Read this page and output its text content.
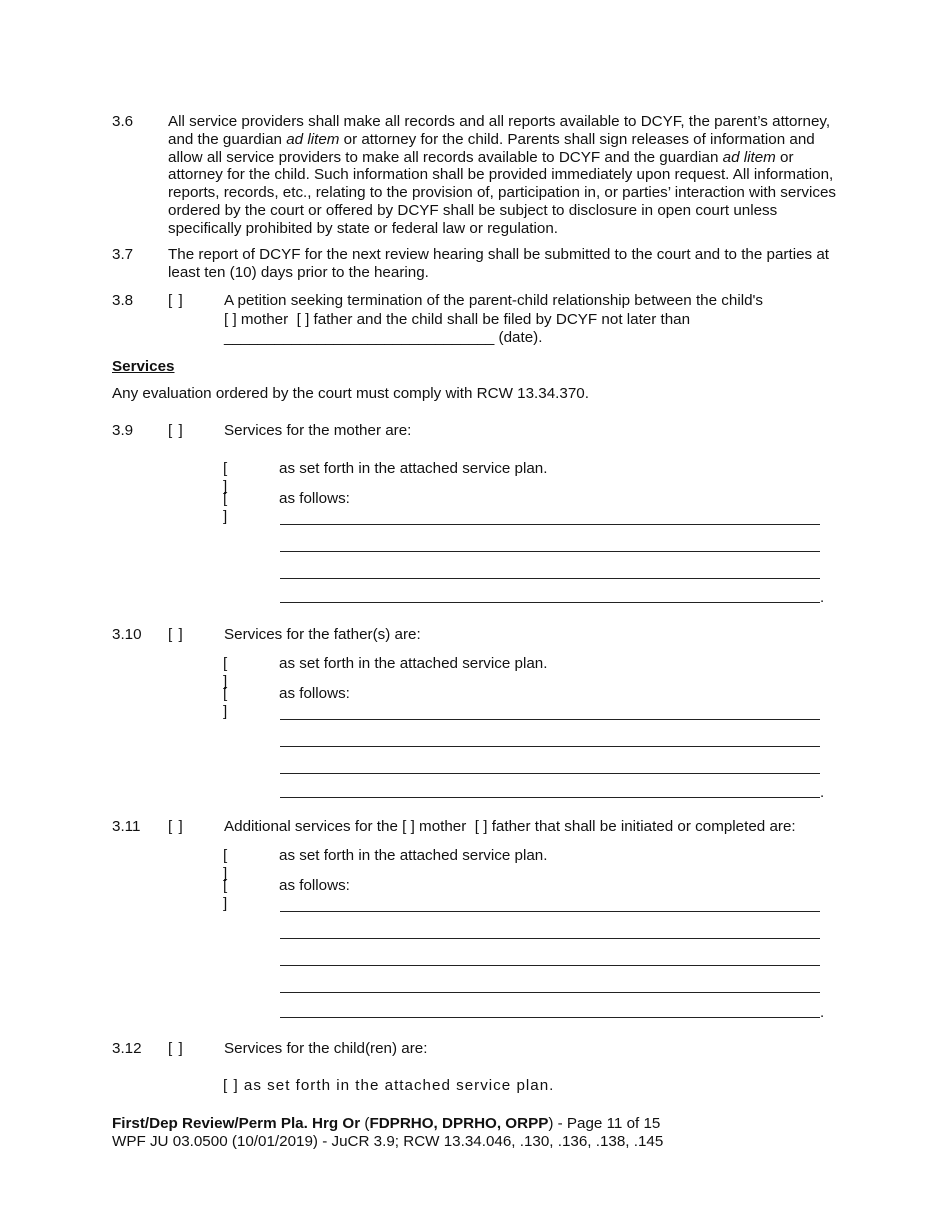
3.6 All service providers shall make all records and all reports available to DCYF, the parent’s attorney, and the guardian ad litem or attorney for the child. Parents shall sign releases of information and allow all service providers to make all records available to DCYF and the guardian ad litem or attorney for the child. Such information shall be provided immediately upon request. All information, reports, records, etc., relating to the provision of, participation in, or parties’ interaction with services ordered by the court or offered by DCYF shall be subject to disclosure in open court unless specifically prohibited by state or federal law or regulation.
3.7 The report of DCYF for the next review hearing shall be submitted to the court and to the parties at least ten (10) days prior to the hearing.
3.8 [ ]	A petition seeking termination of the parent-child relationship between the child's
[ ] mother [ ] father and the child shall be filed by DCYF not later than
________________________________ (date).
Services
Any evaluation ordered by the court must comply with RCW 13.34.370.
3.9 [ ]	Services for the mother are:
[ ]
as set forth in the attached service plan.
[ ]
as follows:
.
3.10 [ ]	Services for the father(s) are:
[ ]
as set forth in the attached service plan.
[ ]
as follows:
.
3.11 [ ]	Additional services for the [ ] mother [ ] father that shall be initiated or completed are:
[ ]
as set forth in the attached service plan.
[ ]
as follows:
.
3.12 [ ]	Services for the child(ren) are:
[ ] as set forth in the attached service plan.
First/Dep Review/Perm Pla. Hrg Or (FDPRHO, DPRHO, ORPP) - Page 11 of 15
WPF JU 03.0500 (10/01/2019) - JuCR 3.9; RCW 13.34.046, .130, .136, .138, .145
